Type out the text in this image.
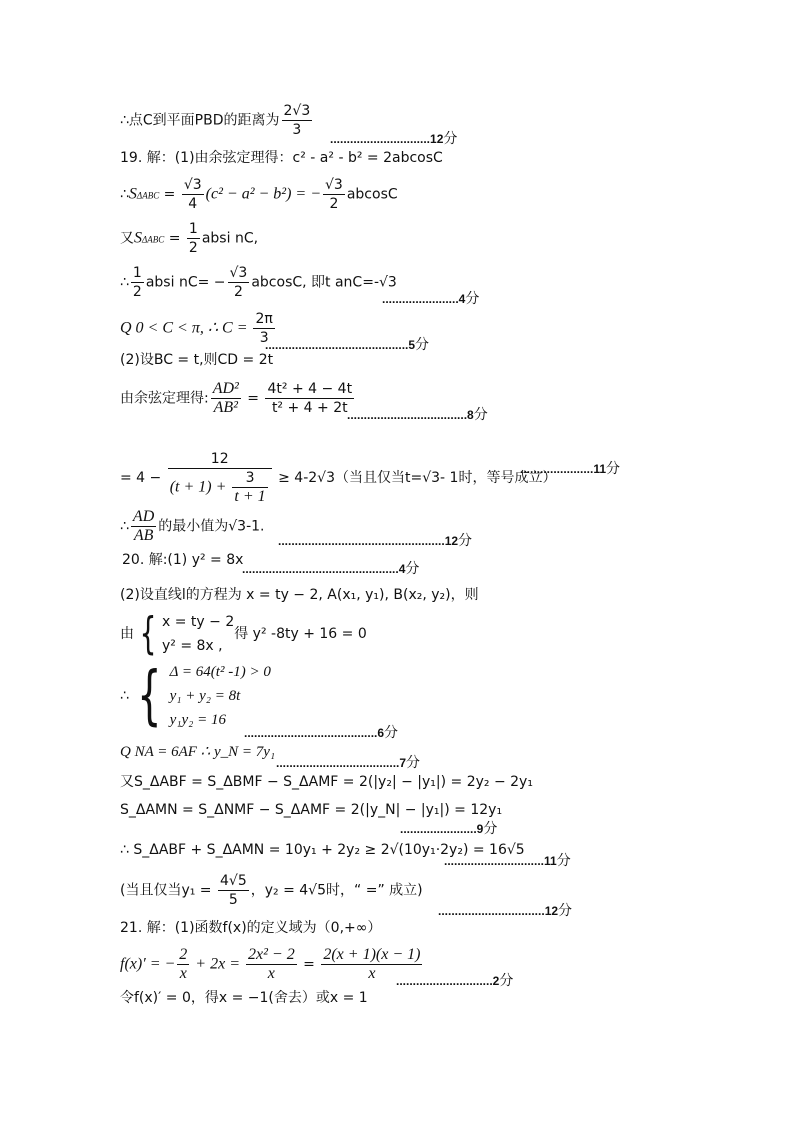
∴点C到平面PBD的距离为 $\frac{2√3}{3} ..............................12$分
19. 解：(1)由余弦定理得：c² - a² - b² = 2abcosC
∴SΔABC = $\frac{√3}{4} (c^2 - a^2 - b^2)$ = − $\frac{√3}{2}$ abcosC
又$S\Delta ABC = \frac{1}{2}$ absi nC,
∴ $\frac{1}{2}$ absi $nC= - \frac{√3}{2} abcosC$, 即t anC=-√3
.......................4分
Q 0 < C < π, ∴ $C = \frac{2\pi}{3}$
...........................................5分
(2)设BC = t,则CD = 2t
由余弦定理得: $\frac{\text{AD²}}{\text{AB²}} = \frac{\text{4t² + 4 − 4t}}{\text{t² + 4 + 2t}}$
....................................8分
= $4 - \frac{12}{(t + 1) + \frac{3}{t + 1}} \ge 4-2√3$（当且仅当t=√3- 1时，等号成立）
......................11分
∴ $\frac{AD}{AB}$ 的最小值为√3-1.
..................................................12分
20. 解:(1) y² = 8x
...............................................4分
(2)设直线l的方程为 x = ty − 2, A(x₁, y₁), B(x₂, y₂)，则
由 { x = ty − 2
y² = 8x ,
得 y² -8ty + 16 = 0
∴ { Δ = 64(t² -1) > 0
y₁ + y₂ = 8t
y₁y₂ = 16
........................................6分
Q NA = 6AF ∴ y_N = 7y₁
.....................................7分
又S_ΔABF = S_ΔBMF − S_ΔAMF = 2(|y₂| − |y₁|) = 2y₂ − 2y₁
S_ΔAMN = S_ΔNMF − S_ΔAMF = 2(|y_N| − |y₁|) = 12y₁
.......................9分
∴ S_ΔABF + S_ΔAMN = 10y₁ + 2y₂ ≥ 2√(10y₁·2y₂) = 16√5
..............................11分
(当且仅当$y_1 = \frac{4√5}{5}$ ，y₂ = 4√5时，“ =” 成立)
................................12分
21. 解：(1)函数f(x)的定义域为（0,+∞）
f(x)′ = − $\frac{2}{x} + 2x = \frac{\text{2x² − 2}}{x} = \frac{2(x + 1)(x - 1)}{x}$
.............................2分
令f(x)′ = 0，得x = −1(舍去）或x = 1
